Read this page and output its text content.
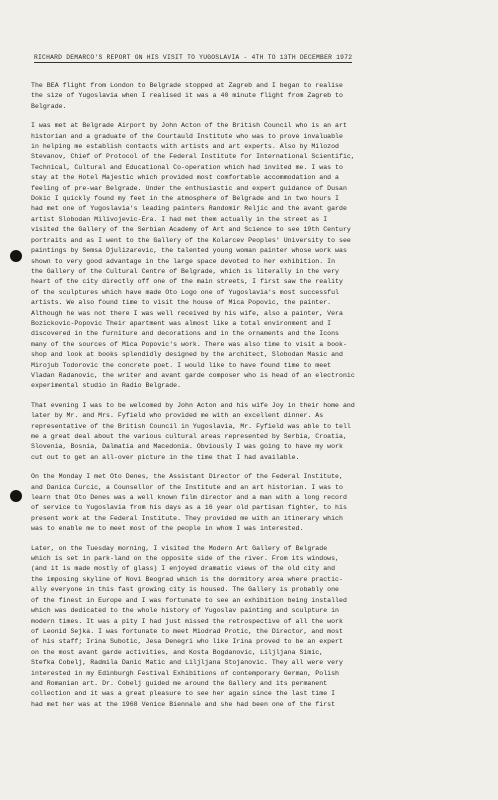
RICHARD DEMARCO'S REPORT ON HIS VISIT TO YUGOSLAVIA - 4TH TO 13TH DECEMBER 1972
The BEA flight from London to Belgrade stopped at Zagreb and I began to realise
the size of Yugoslavia when I realised it was a 40 minute flight from Zagreb to
Belgrade.
I was met at Belgrade Airport by John Acton of the British Council who is an art
historian and a graduate of the Courtauld Institute who was to prove invaluable
in helping me establish contacts with artists and art experts. Also by Milozod
Stevanov, Chief of Protocol of the Federal Institute for International Scientific,
Technical, Cultural and Educational Co-operation which had invited me. I was to
stay at the Hotel Majestic which provided most comfortable accommodation and a
feeling of pre-war Belgrade. Under the enthusiastic and expert guidance of Dusan
Dokic I quickly found my feet in the atmosphere of Belgrade and in two hours I
had met one of Yugoslavia's leading painters Randomir Reljic and the avant garde
artist Slobodan Milivojevic-Era. I had met them actually in the street as I
visited the Gallery of the Serbian Academy of Art and Science to see 19th Century
portraits and as I went to the Gallery of the Kolarcev Peoples' University to see
paintings by Semsa Djulizarevic, the talented young woman painter whose work was
shown to very good advantage in the large space devoted to her exhibition. In
the Gallery of the Cultural Centre of Belgrade, which is literally in the very
heart of the city directly off one of the main streets, I first saw the reality
of the sculptures which have made Oto Logo one of Yugoslavia's most successful
artists. We also found time to visit the house of Mica Popovic, the painter.
Although he was not there I was well received by his wife, also a painter, Vera
Bozickovic-Popovic Their apartment was almost like a total environment and I
discovered in the furniture and decorations and in the ornaments and the Icons
many of the sources of Mica Popovic's work. There was also time to visit a book-
shop and look at books splendidly designed by the architect, Slobodan Masic and
Mirojub Todorovic the concrete poet. I would like to have found time to meet
Vladan Radanovic, the writer and avant garde composer who is head of an electronic
experimental studio in Radio Belgrade.
That evening I was to be welcomed by John Acton and his wife Joy in their home and
later by Mr. and Mrs. Fyfield who provided me with an excellent dinner. As
representative of the British Council in Yugoslavia, Mr. Fyfield was able to tell
me a great deal about the various cultural areas represented by Serbia, Croatia,
Slovenia, Bosnia, Dalmatia and Macedonia. Obviously I was going to have my work
cut out to get an all-over picture in the time that I had available.
On the Monday I met Oto Denes, the Assistant Director of the Federal Institute,
and Danica Curcic, a Counsellor of the Institute and an art historian. I was to
learn that Oto Denes was a well known film director and a man with a long record
of service to Yugoslavia from his days as a 16 year old partisan fighter, to his
present work at the Federal Institute. They provided me with an itinerary which
was to enable me to meet most of the people in whom I was interested.
Later, on the Tuesday morning, I visited the Modern Art Gallery of Belgrade
which is set in park-land on the opposite side of the river. From its windows,
(and it is made mostly of glass) I enjoyed dramatic views of the old city and
the imposing skyline of Novi Beograd which is the dormitory area where practic-
ally everyone in this fast growing city is housed. The Gallery is probably one
of the finest in Europe and I was fortunate to see an exhibition being installed
which was dedicated to the whole history of Yugoslav painting and sculpture in
modern times. It was a pity I had just missed the retrospective of all the work
of Leonid Sejka. I was fortunate to meet Miodrad Protic, the Director, and most
of his staff; Irina Subotic, Jesa Denegri who like Irina proved to be an expert
on the most avant garde activities, and Kosta Bogdanovic, Liljljana Simic,
Stefka Cobelj, Radmila Danic Matic and Liljljana Stojanovic. They all were very
interested in my Edinburgh Festival Exhibitions of contemporary German, Polish
and Romanian art. Dr. Cobelj guided me around the Gallery and its permanent
collection and it was a great pleasure to see her again since the last time I
had met her was at the 1968 Venice Biennale and she had been one of the first
